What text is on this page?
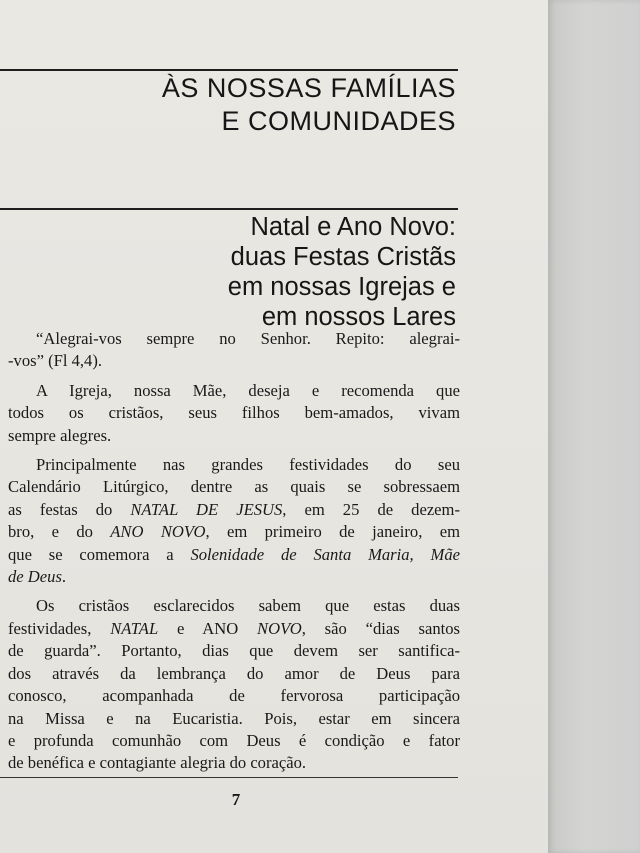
ÀS NOSSAS FAMÍLIAS
E COMUNIDADES
Natal e Ano Novo:
duas Festas Cristãs
em nossas Igrejas e
em nossos Lares

“Alegrai-vos sempre no Senhor. Repito: alegrai-
-vos” (Fl 4,4).

A Igreja, nossa Mãe, deseja e recomenda que
todos os cristãos, seus filhos bem-amados, vivam
sempre alegres.

Principalmente nas grandes festividades do seu
Calendário Litúrgico, dentre as quais se sobressaem
as festas do NATAL DE JESUS, em 25 de dezem-
bro, e do ANO NOVO, em primeiro de janeiro, em
que se comemora a Solenidade de Santa Maria, Mãe
de Deus.

Os cristãos esclarecidos sabem que estas duas
festividades, NATAL e ANO NOVO, são “dias santos
de guarda”. Portanto, dias que devem ser santifica-
dos através da lembrança do amor de Deus para
conosco, acompanhada de fervorosa participação
na Missa e na Eucaristia. Pois, estar em sincera
e profunda comunhão com Deus é condição e fator
de benéfica e contagiante alegria do coração.

7
